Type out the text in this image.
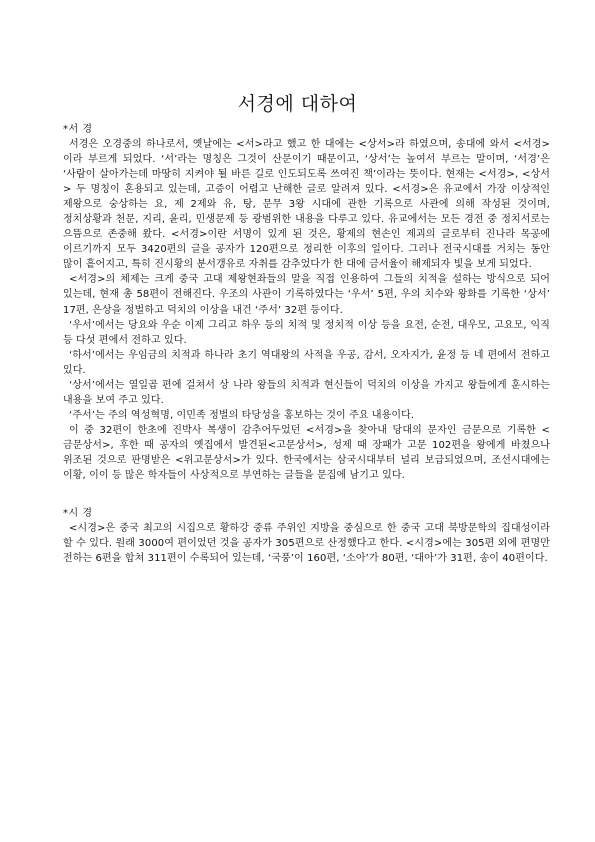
서경에 대하여
*서 경

서경은 오경중의 하나로서, 옛날에는 <서>라고 했고 한 대에는 <상서>라 하였으며, 송대에 와서 <서경>이라 부르게 되었다. ‘서’라는 명칭은 그것이 산문이기 때문이고, ‘상서’는 높여서 부르는 말이며, ‘서경’은 ‘사람이 살아가는데 마땅히 지켜야 될 바른 길로 인도되도록 쓰여진 책’이라는 뜻이다. 현재는 <서경>, <상서> 두 명칭이 혼용되고 있는데, 고증이 어렵고 난해한 글로 알려져 있다. <서경>은 유교에서 가장 이상적인 제왕으로 숭상하는 요, 제 2제와 유, 탕, 문무 3왕 시대에 관한 기록으로 사관에 의해 작성된 것이며, 정치상황과 천문, 지리, 윤리, 민생문제 등 광범위한 내용을 다루고 있다. 유교에서는 모든 경전 중 정치서로는 으뜸으로 존중해 왔다. <서경>이란 서명이 있게 된 것은, 황제의 현손인 제괴의 글로부터 진나라 목공에 이르기까지 모두 3420편의 글을 공자가 120편으로 정리한 이후의 일이다. 그러나 전국시대를 거치는 동안 많이 흩어지고, 특히 진시황의 분서갱유로 자취를 감추었다가 한 대에 금서율이 해제되자 빛을 보게 되었다.

<서경>의 체제는 크게 중국 고대 제왕현좌들의 말을 직접 인용하여 그들의 치적을 설하는 방식으로 되어 있는데, 현재 총 58편이 전해진다. 우조의 사관이 기록하였다는 ‘우서’ 5편, 우의 치수와 왕화를 기록한 ‘상서’ 17편, 은상을 정벌하고 덕치의 이상을 내건 ‘주서’ 32편 등이다.

‘우서’에서는 당요와 우순 이제 그리고 하우 등의 치적 및 정치적 이상 등을 요전, 순전, 대우모, 고요모, 익직 등 다섯 편에서 전하고 있다.

‘하서’에서는 우임금의 치적과 하나라 초기 역대왕의 사적을 우공, 감서, 오자지가, 윤정 등 네 편에서 전하고 있다.

‘상서’에서는 열일곱 편에 걸쳐서 상 나라 왕들의 치적과 현신들이 덕치의 이상을 가지고 왕들에게 훈시하는 내용을 보여 주고 있다.

‘주서’는 주의 역성혁명, 이민족 정벌의 타당성을 홍보하는 것이 주요 내용이다.

이 중 32편이 한초에 진박사 복생이 감추어두었던 <서경>을 찾아내 당대의 문자인 금문으로 기록한 <금문상서>, 후한 때 공자의 옛집에서 발견된<고문상서>, 성제 때 장패가 고문 102편을 왕에게 바쳤으나 위조된 것으로 판명받은 <위고문상서>가 있다. 한국에서는 삼국시대부터 널리 보급되었으며, 조선시대에는 이황, 이이 등 많은 학자들이 사상적으로 부연하는 글들을 문집에 남기고 있다.

*시 경

<시경>은 중국 최고의 시집으로 황하강 중류 주위인 지방을 중심으로 한 중국 고대 북방문학의 집대성이라 할 수 있다. 원래 3000여 편이었던 것을 공자가 305편으로 산정했다고 한다. <시경>에는 305편 외에 편명만 전하는 6편을 합쳐 311편이 수록되어 있는데, ‘국풍’이 160편, ‘소아’가 80편, ‘대아’가 31편, 송이 40편이다.
